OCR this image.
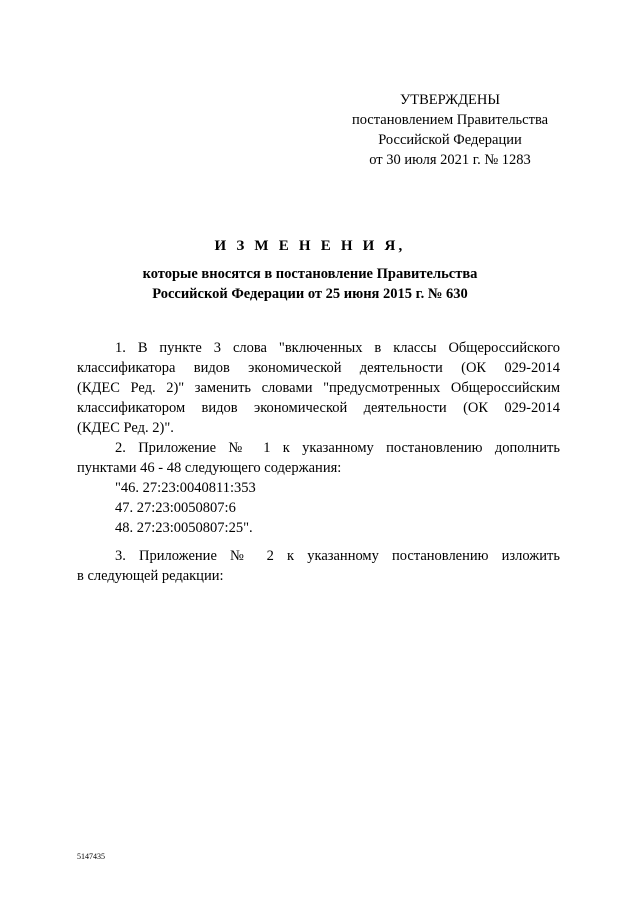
УТВЕРЖДЕНЫ
постановлением Правительства
Российской Федерации
от 30 июля 2021 г. № 1283
И З М Е Н Е Н И Я,
которые вносятся в постановление Правительства
Российской Федерации от 25 июня 2015 г. № 630
1. В пункте 3 слова "включенных в классы Общероссийского
классификатора видов экономической деятельности (ОК 029-2014
(КДЕС Ред. 2)" заменить словами "предусмотренных Общероссийским
классификатором видов экономической деятельности (ОК 029-2014
(КДЕС Ред. 2)".
2. Приложение № 1 к указанному постановлению дополнить
пунктами 46 - 48 следующего содержания:
"46. 27:23:0040811:353
47. 27:23:0050807:6
48. 27:23:0050807:25".
3. Приложение № 2 к указанному постановлению изложить
в следующей редакции:
5147435
